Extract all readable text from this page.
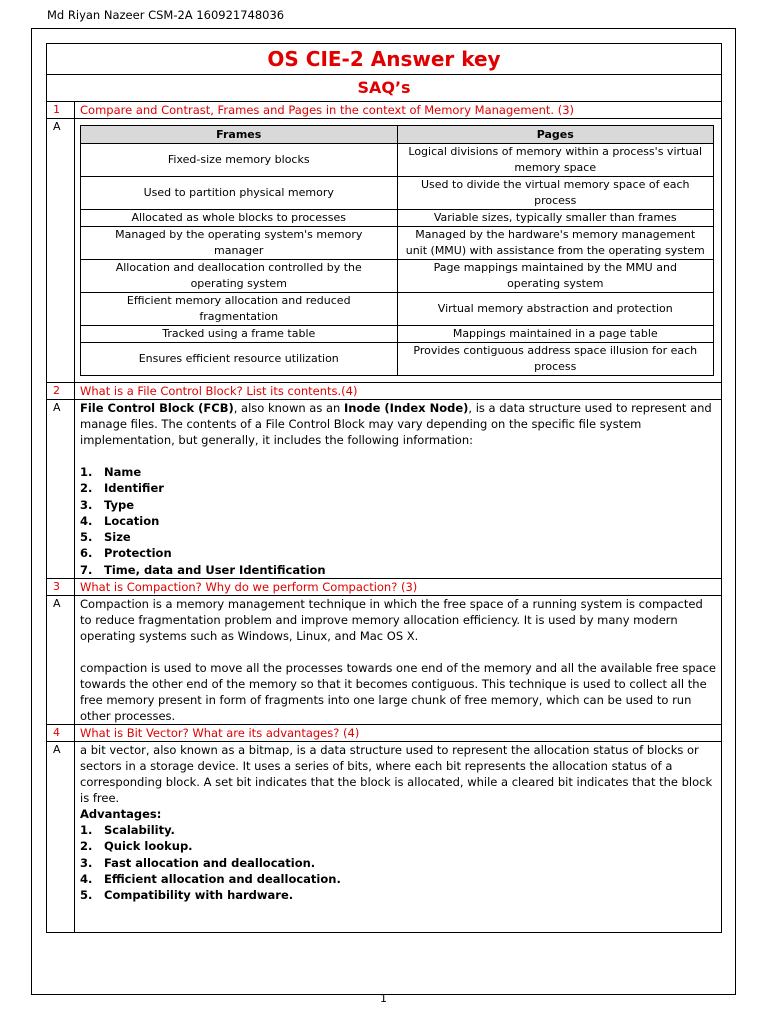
Md Riyan Nazeer CSM-2A 160921748036
OS CIE-2 Answer key
SAQ’s
1	Compare and Contrast, Frames and Pages in the context of Memory Management. (3)
A	
Frames	Pages
Fixed-size memory blocks	Logical divisions of memory within a process's virtual memory space
Used to partition physical memory	Used to divide the virtual memory space of each process
Allocated as whole blocks to processes	Variable sizes, typically smaller than frames
Managed by the operating system's memory manager	Managed by the hardware's memory management unit (MMU) with assistance from the operating system
Allocation and deallocation controlled by the operating system	Page mappings maintained by the MMU and operating system
Efficient memory allocation and reduced fragmentation	Virtual memory abstraction and protection
Tracked using a frame table	Mappings maintained in a page table
Ensures efficient resource utilization	Provides contiguous address space illusion for each process

2	What is a File Control Block? List its contents.(4)
A	File Control Block (FCB), also known as an Inode (Index Node), is a data structure used to represent and manage files. The contents of a File Control Block may vary depending on the specific file system implementation, but generally, it includes the following information:

1.	Name
2.	Identifier
3.	Type
4.	Location
5.	Size
6.	Protection
7.	Time, data and User Identification

3	What is Compaction? Why do we perform Compaction? (3)
A	Compaction is a memory management technique in which the free space of a running system is compacted to reduce fragmentation problem and improve memory allocation efficiency. It is used by many modern operating systems such as Windows, Linux, and Mac OS X.

compaction is used to move all the processes towards one end of the memory and all the available free space towards the other end of the memory so that it becomes contiguous. This technique is used to collect all the free memory present in form of fragments into one large chunk of free memory, which can be used to run other processes.

4	What is Bit Vector? What are its advantages? (4)
A	a bit vector, also known as a bitmap, is a data structure used to represent the allocation status of blocks or sectors in a storage device. It uses a series of bits, where each bit represents the allocation status of a corresponding block. A set bit indicates that the block is allocated, while a cleared bit indicates that the block is free.

Advantages:

1.	Scalability.
2.	Quick lookup.
3.	Fast allocation and deallocation.
4.	Efficient allocation and deallocation.
5.	Compatibility with hardware.
1
